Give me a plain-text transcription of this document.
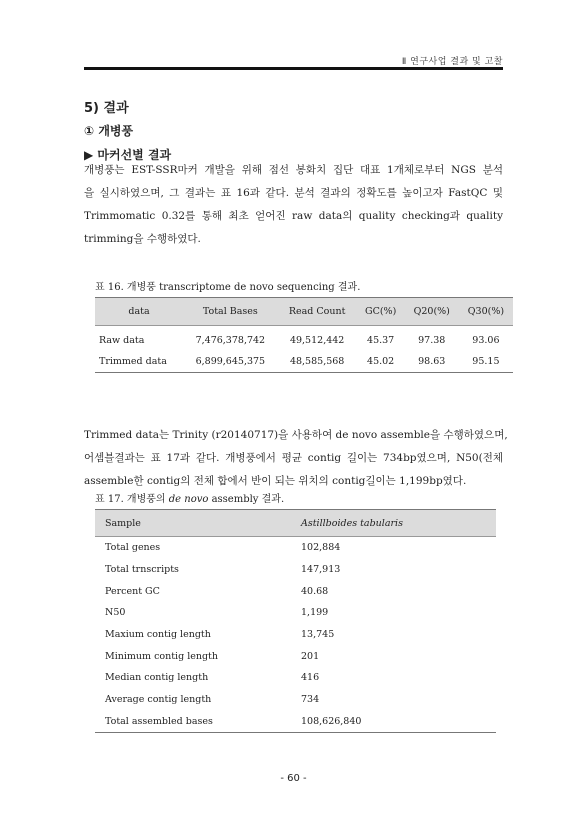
Ⅱ 연구사업 결과 및 고찰
5) 결과
① 개병풍
▶ 마커선별 결과
개병풍는 EST-SSR마커 개발을 위해 점선 봉화치 집단 대표 1개체로부터 NGS 분석
을 실시하였으며, 그 결과는 표 16과 같다. 분석 결과의 정확도를 높이고자 FastQC 및
Trimmomatic 0.32를 통해 최초 얻어진 raw data의 quality checking과 quality
trimming을 수행하였다.
표 16. 개병풍 transcriptome de novo sequencing 결과.
data	Total Bases	Read Count	GC(%)	Q20(%)	Q30(%)
Raw data	7,476,378,742	49,512,442	45.37	97.38	93.06
Trimmed data	6,899,645,375	48,585,568	45.02	98.63	95.15
Trimmed data는 Trinity (r20140717)을 사용하여 de novo assemble을 수행하였으며,
어셈블결과는 표 17과 같다. 개병풍에서 평균 contig 길이는 734bp였으며, N50(전체
assemble한 contig의 전체 합에서 반이 되는 위치의 contig길이는 1,199bp였다.
표 17. 개병풍의 de novo assembly 결과.
Sample	Astillboides tabularis
Total genes	102,884
Total trnscripts	147,913
Percent GC	40.68
N50	1,199
Maxium contig length	13,745
Minimum contig length	201
Median contig length	416
Average contig length	734
Total assembled bases	108,626,840
- 60 -
